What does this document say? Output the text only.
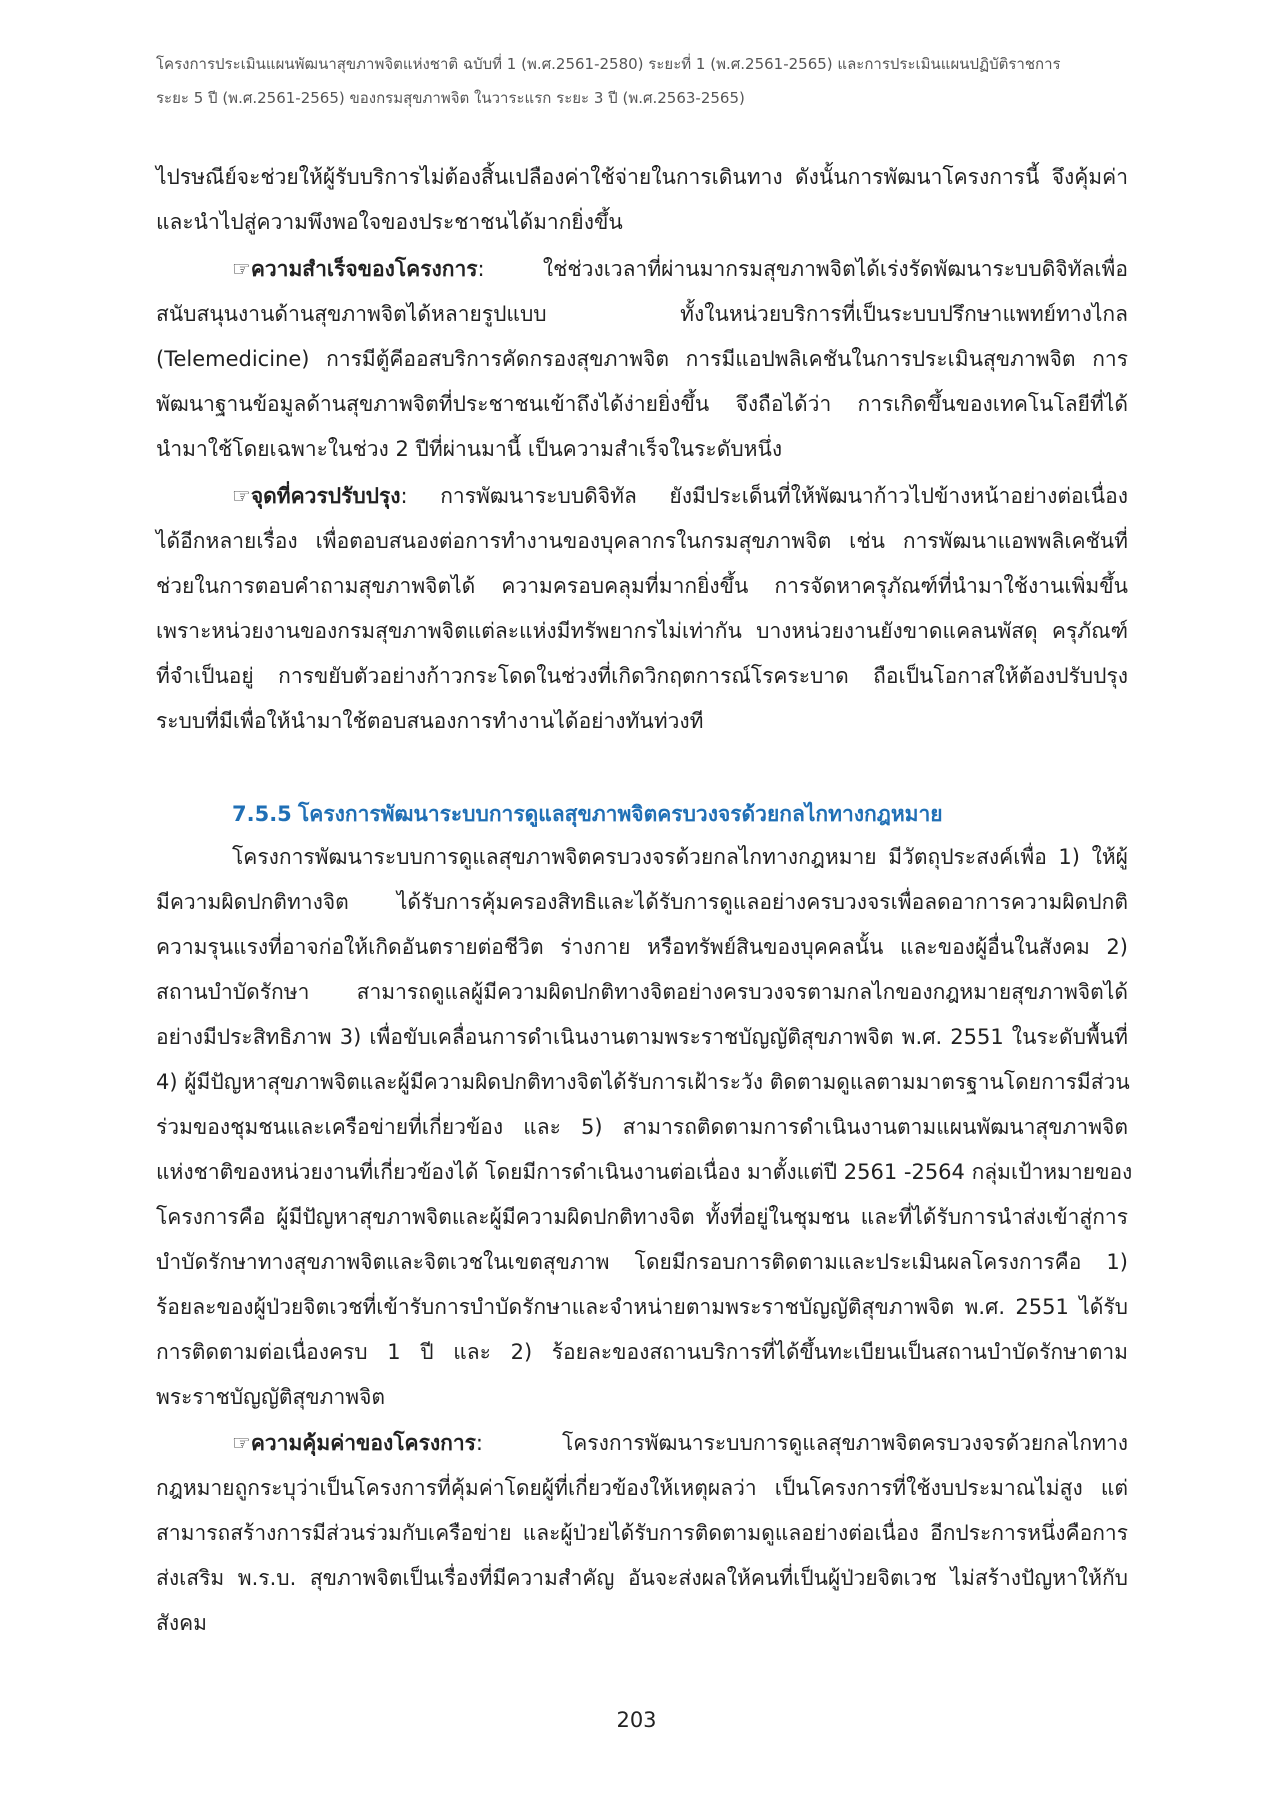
โครงการประเมินแผนพัฒนาสุขภาพจิตแห่งชาติ ฉบับที่ 1 (พ.ศ.2561-2580) ระยะที่ 1 (พ.ศ.2561-2565) และการประเมินแผนปฏิบัติราชการ
ระยะ 5 ปี (พ.ศ.2561-2565) ของกรมสุขภาพจิต ในวาระแรก ระยะ 3 ปี (พ.ศ.2563-2565)
ไปรษณีย์จะช่วยให้ผู้รับบริการไม่ต้องสิ้นเปลืองค่าใช้จ่ายในการเดินทาง ดังนั้นการพัฒนาโครงการนี้ จึงคุ้มค่า
และนำไปสู่ความพึงพอใจของประชาชนได้มากยิ่งขึ้น
☞ความสำเร็จของโครงการ: ใช่ช่วงเวลาที่ผ่านมากรมสุขภาพจิตได้เร่งรัดพัฒนาระบบดิจิทัลเพื่อ
สนับสนุนงานด้านสุขภาพจิตได้หลายรูปแบบ ทั้งในหน่วยบริการที่เป็นระบบปรึกษาแพทย์ทางไกล
(Telemedicine) การมีตู้คีออสบริการคัดกรองสุขภาพจิต การมีแอปพลิเคชันในการประเมินสุขภาพจิต การ
พัฒนาฐานข้อมูลด้านสุขภาพจิตที่ประชาชนเข้าถึงได้ง่ายยิ่งขึ้น จึงถือได้ว่า การเกิดขึ้นของเทคโนโลยีที่ได้
นำมาใช้โดยเฉพาะในช่วง 2 ปีที่ผ่านมานี้ เป็นความสำเร็จในระดับหนึ่ง
☞จุดที่ควรปรับปรุง: การพัฒนาระบบดิจิทัล ยังมีประเด็นที่ให้พัฒนาก้าวไปข้างหน้าอย่างต่อเนื่อง
ได้อีกหลายเรื่อง เพื่อตอบสนองต่อการทำงานของบุคลากรในกรมสุขภาพจิต เช่น การพัฒนาแอพพลิเคชันที่
ช่วยในการตอบคำถามสุขภาพจิตได้ ความครอบคลุมที่มากยิ่งขึ้น การจัดหาครุภัณฑ์ที่นำมาใช้งานเพิ่มขึ้น
เพราะหน่วยงานของกรมสุขภาพจิตแต่ละแห่งมีทรัพยากรไม่เท่ากัน บางหน่วยงานยังขาดแคลนพัสดุ ครุภัณฑ์
ที่จำเป็นอยู่ การขยับตัวอย่างก้าวกระโดดในช่วงที่เกิดวิกฤตการณ์โรคระบาด ถือเป็นโอกาสให้ต้องปรับปรุง
ระบบที่มีเพื่อให้นำมาใช้ตอบสนองการทำงานได้อย่างทันท่วงที
7.5.5 โครงการพัฒนาระบบการดูแลสุขภาพจิตครบวงจรด้วยกลไกทางกฎหมาย
โครงการพัฒนาระบบการดูแลสุขภาพจิตครบวงจรด้วยกลไกทางกฎหมาย มีวัตถุประสงค์เพื่อ 1) ให้ผู้
มีความผิดปกติทางจิต ได้รับการคุ้มครองสิทธิและได้รับการดูแลอย่างครบวงจรเพื่อลดอาการความผิดปกติ
ความรุนแรงที่อาจก่อให้เกิดอันตรายต่อชีวิต ร่างกาย หรือทรัพย์สินของบุคคลนั้น และของผู้อื่นในสังคม 2)
สถานบำบัดรักษา สามารถดูแลผู้มีความผิดปกติทางจิตอย่างครบวงจรตามกลไกของกฎหมายสุขภาพจิตได้
อย่างมีประสิทธิภาพ 3) เพื่อขับเคลื่อนการดำเนินงานตามพระราชบัญญัติสุขภาพจิต พ.ศ. 2551 ในระดับพื้นที่
4) ผู้มีปัญหาสุขภาพจิตและผู้มีความผิดปกติทางจิตได้รับการเฝ้าระวัง ติดตามดูแลตามมาตรฐานโดยการมีส่วน
ร่วมของชุมชนและเครือข่ายที่เกี่ยวข้อง และ 5) สามารถติดตามการดำเนินงานตามแผนพัฒนาสุขภาพจิต
แห่งชาติของหน่วยงานที่เกี่ยวข้องได้ โดยมีการดำเนินงานต่อเนื่อง มาตั้งแต่ปี 2561 -2564 กลุ่มเป้าหมายของ
โครงการคือ ผู้มีปัญหาสุขภาพจิตและผู้มีความผิดปกติทางจิต ทั้งที่อยู่ในชุมชน และที่ได้รับการนำส่งเข้าสู่การ
บำบัดรักษาทางสุขภาพจิตและจิตเวชในเขตสุขภาพ โดยมีกรอบการติดตามและประเมินผลโครงการคือ 1)
ร้อยละของผู้ป่วยจิตเวชที่เข้ารับการบำบัดรักษาและจำหน่ายตามพระราชบัญญัติสุขภาพจิต พ.ศ. 2551 ได้รับ
การติดตามต่อเนื่องครบ 1 ปี และ 2) ร้อยละของสถานบริการที่ได้ขึ้นทะเบียนเป็นสถานบำบัดรักษาตาม
พระราชบัญญัติสุขภาพจิต
☞ความคุ้มค่าของโครงการ: โครงการพัฒนาระบบการดูแลสุขภาพจิตครบวงจรด้วยกลไกทาง
กฎหมายถูกระบุว่าเป็นโครงการที่คุ้มค่าโดยผู้ที่เกี่ยวข้องให้เหตุผลว่า เป็นโครงการที่ใช้งบประมาณไม่สูง แต่
สามารถสร้างการมีส่วนร่วมกับเครือข่าย และผู้ป่วยได้รับการติดตามดูแลอย่างต่อเนื่อง อีกประการหนึ่งคือการ
ส่งเสริม พ.ร.บ. สุขภาพจิตเป็นเรื่องที่มีความสำคัญ อันจะส่งผลให้คนที่เป็นผู้ป่วยจิตเวช ไม่สร้างปัญหาให้กับ
สังคม
203
